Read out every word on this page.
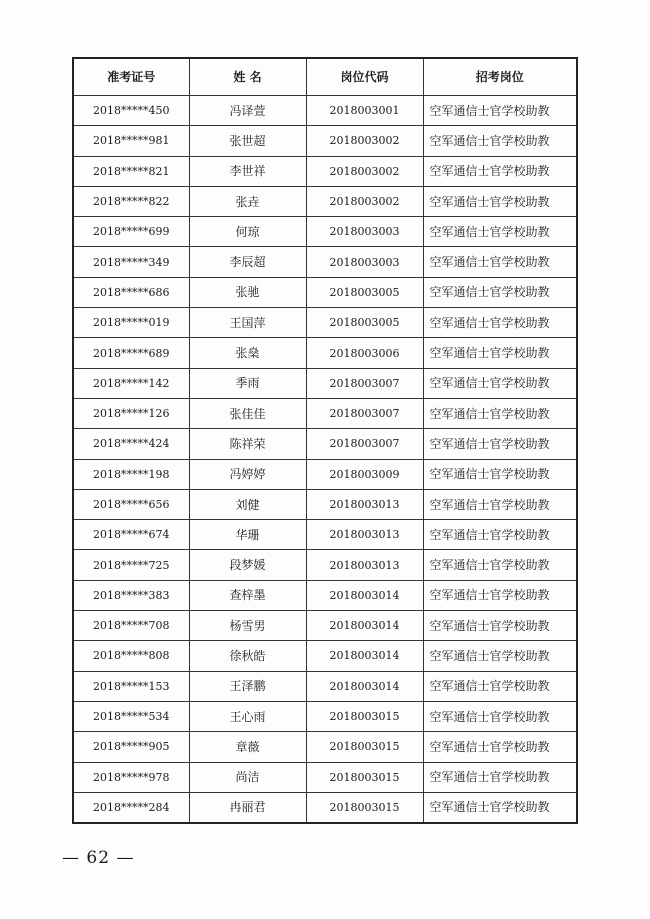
准考证号	姓 名	岗位代码	招考岗位
2018*****450	冯译萱	2018003001	空军通信士官学校助教
2018*****981	张世超	2018003002	空军通信士官学校助教
2018*****821	李世祥	2018003002	空军通信士官学校助教
2018*****822	张垚	2018003002	空军通信士官学校助教
2018*****699	何琼	2018003003	空军通信士官学校助教
2018*****349	李辰超	2018003003	空军通信士官学校助教
2018*****686	张驰	2018003005	空军通信士官学校助教
2018*****019	王国萍	2018003005	空军通信士官学校助教
2018*****689	张燊	2018003006	空军通信士官学校助教
2018*****142	季雨	2018003007	空军通信士官学校助教
2018*****126	张佳佳	2018003007	空军通信士官学校助教
2018*****424	陈祥荣	2018003007	空军通信士官学校助教
2018*****198	冯婷婷	2018003009	空军通信士官学校助教
2018*****656	刘健	2018003013	空军通信士官学校助教
2018*****674	华珊	2018003013	空军通信士官学校助教
2018*****725	段梦媛	2018003013	空军通信士官学校助教
2018*****383	查梓墨	2018003014	空军通信士官学校助教
2018*****708	杨雪男	2018003014	空军通信士官学校助教
2018*****808	徐秋皓	2018003014	空军通信士官学校助教
2018*****153	王泽鹏	2018003014	空军通信士官学校助教
2018*****534	王心雨	2018003015	空军通信士官学校助教
2018*****905	章薇	2018003015	空军通信士官学校助教
2018*****978	尚洁	2018003015	空军通信士官学校助教
2018*****284	冉丽君	2018003015	空军通信士官学校助教
— 62 —
